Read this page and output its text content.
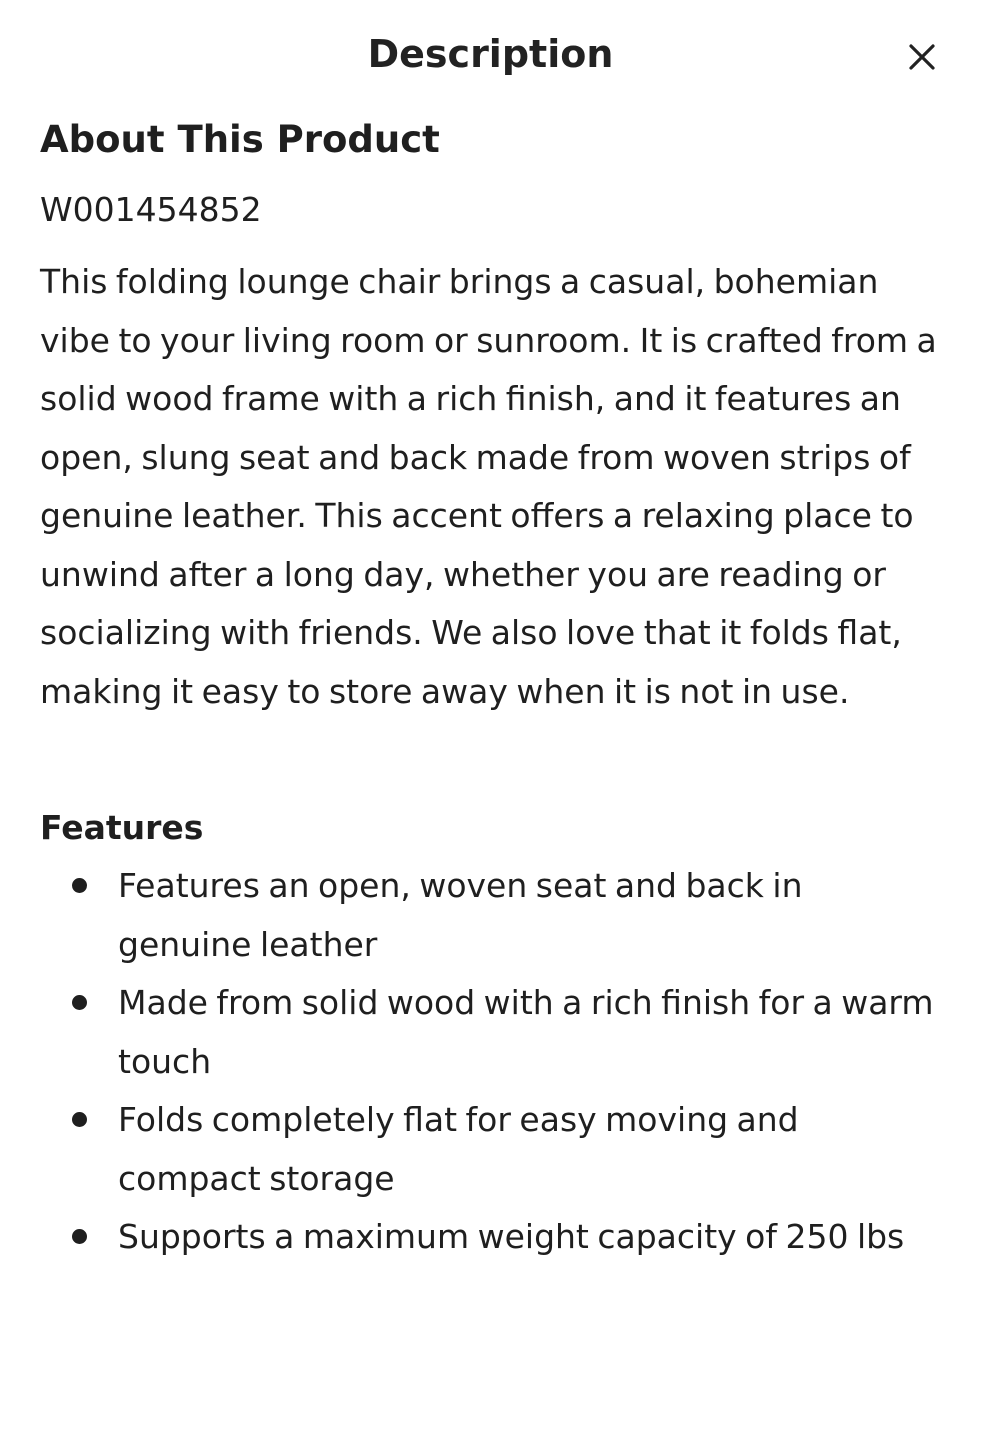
Description
About This Product

W001454852

This folding lounge chair brings a casual, bohemian vibe to your living room or sunroom. It is crafted from a solid wood frame with a rich finish, and it features an open, slung seat and back made from woven strips of genuine leather. This accent offers a relaxing place to unwind after a long day, whether you are reading or socializing with friends. We also love that it folds flat, making it easy to store away when it is not in use.

Features
Features an open, woven seat and back in genuine leather
Made from solid wood with a rich finish for a warm touch
Folds completely flat for easy moving and compact storage
Supports a maximum weight capacity of 250 lbs
